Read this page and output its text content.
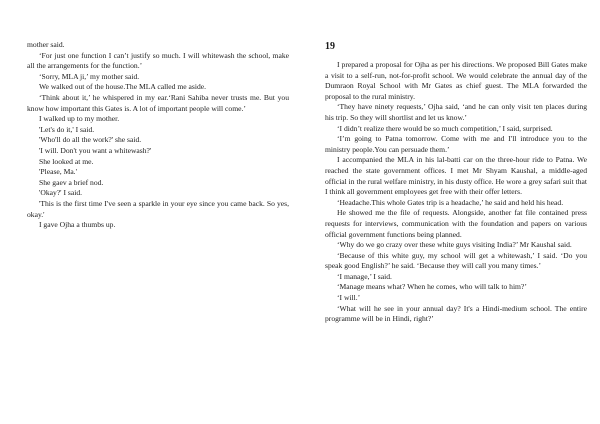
mother said.

‘For just one function I can’t justify so much. I will whitewash the school, make all the arrangements for the function.’

‘Sorry, MLA ji,’ my mother said.

We walked out of the house.The MLA called me aside.

‘Think about it,’ he whispered in my ear.‘Rani Sahiba never trusts me. But you know how important this Gates is. A lot of important people will come.’

I walked up to my mother.

'Let's do it,' I said.

'Who'll do all the work?' she said.

'I will. Don't you want a whitewash?'

She looked at me.

'Please, Ma.'

She gaev a brief nod.

'Okay?' I said.

'This is the first time I've seen a sparkle in your eye since you came back. So yes, okay.'

I gave Ojha a thumbs up.

19

I prepared a proposal for Ojha as per his directions. We proposed Bill Gates make a visit to a self-run, not-for-profit school. We would celebrate the annual day of the Dumraon Royal School with Mr Gates as chief guest. The MLA forwarded the proposal to the rural ministry.

‘They have ninety requests,’ Ojha said, ‘and he can only visit ten places during his trip. So they will shortlist and let us know.’

‘I didn’t realize there would be so much competition,’ I said, surprised.

‘I’m going to Patna tomorrow. Come with me and I'll introduce you to the ministry people.You can persuade them.’

I accompanied the MLA in his lal-batti car on the three-hour ride to Patna. We reached the state government offices. I met Mr Shyam Kaushal, a middle-aged official in the rural welfare ministry, in his dusty office. He wore a grey safari suit that I think all government employees get free with their offer letters.

‘Headache.This whole Gates trip is a headache,’ he said and held his head.

He showed me the file of requests. Alongside, another fat file contained press requests for interviews, communication with the foundation and papers on various official government functions being planned.

‘Why do we go crazy over these white guys visiting India?’ Mr Kaushal said.

‘Because of this white guy, my school will get a whitewash,’ I said. ‘Do you speak good English?’ he said. ‘Because they will call you many times.’

‘I manage,’ I said.

‘Manage means what? When he comes, who will talk to him?’

‘I will.’

‘What will he see in your annual day? It's a Hindi-medium school. The entire programme will be in Hindi, right?’
